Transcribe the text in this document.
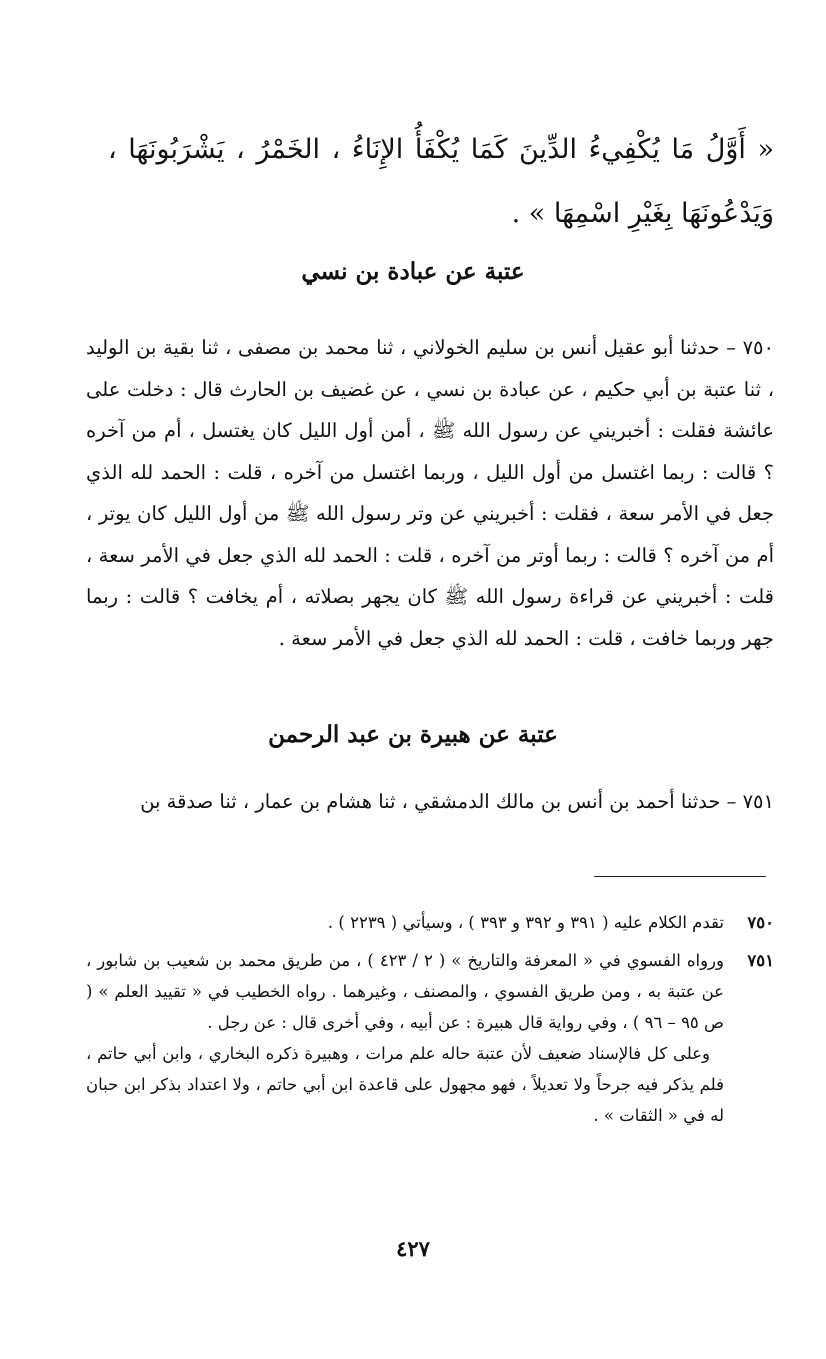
« أَوَّلُ مَا يُكْفِيءُ الدِّينَ كَمَا يُكْفَأُ الإِنَاءُ ، الخَمْرُ ، يَشْرَبُونَهَا ، وَيَدْعُونَهَا بِغَيْرِ اسْمِهَا » .
عتبة عن عبادة بن نسي
٧٥٠ – حدثنا أبو عقيل أنس بن سليم الخولاني ، ثنا محمد بن مصفى ، ثنا بقية بن الوليد ، ثنا عتبة بن أبي حكيم ، عن عبادة بن نسي ، عن غضيف بن الحارث قال : دخلت على عائشة فقلت : أخبريني عن رسول الله ﷺ ، أمن أول الليل كان يغتسل ، أم من آخره ؟ قالت : ربما اغتسل من أول الليل ، وربما اغتسل من آخره ، قلت : الحمد لله الذي جعل في الأمر سعة ، فقلت : أخبريني عن وتر رسول الله ﷺ من أول الليل كان يوتر ، أم من آخره ؟ قالت : ربما أوتر من آخره ، قلت : الحمد لله الذي جعل في الأمر سعة ، قلت : أخبريني عن قراءة رسول الله ﷺ كان يجهر بصلاته ، أم يخافت ؟ قالت : ربما جهر وربما خافت ، قلت : الحمد لله الذي جعل في الأمر سعة .
عتبة عن هبيرة بن عبد الرحمن
٧٥١ – حدثنا أحمد بن أنس بن مالك الدمشقي ، ثنا هشام بن عمار ، ثنا صدقة بن
٧٥٠

تقدم الكلام عليه ( ٣٩١ و ٣٩٢ و ٣٩٣ ) ، وسيأتي ( ٢٢٣٩ ) .

٧٥١

ورواه الفسوي في « المعرفة والتاريخ » ( ٢ / ٤٢٣ ) ، من طريق محمد بن شعيب بن شابور ، عن عتبة به ، ومن طريق الفسوي ، والمصنف ، وغيرهما . رواه الخطيب في « تقييد العلم » ( ص ٩٥ – ٩٦ ) ، وفي رواية قال هبيرة : عن أبيه ، وفي أخرى قال : عن رجل .

وعلى كل فالإسناد ضعيف لأن عتبة حاله علم مرات ، وهبيرة ذكره البخاري ، وابن أبي حاتم ، فلم يذكر فيه جرحاً ولا تعديلاً ، فهو مجهول على قاعدة ابن أبي حاتم ، ولا اعتداد بذكر ابن حبان له في « الثقات » .

٤٢٧
